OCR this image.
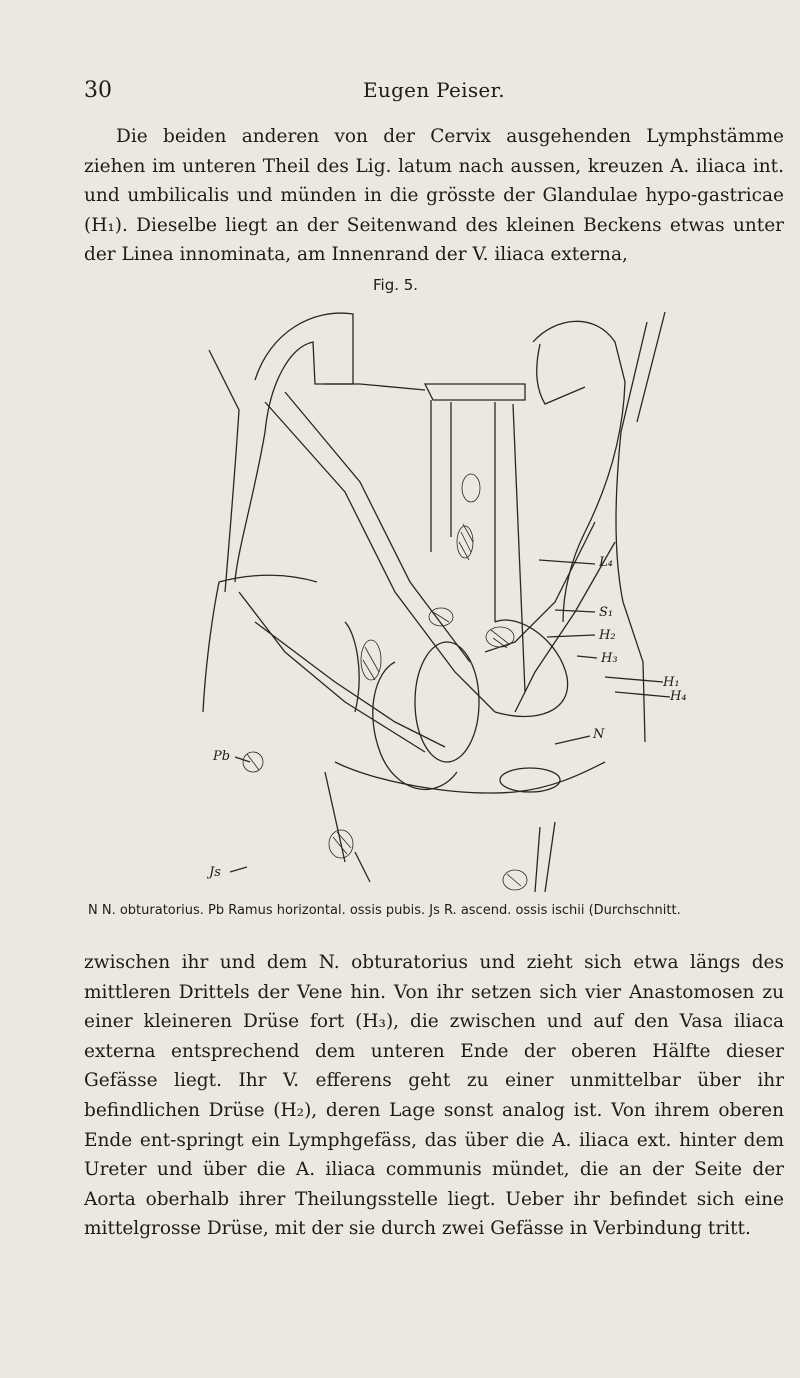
30	Eugen Peiser.

Die beiden anderen von der Cervix ausgehenden Lymphstämme ziehen im unteren Theil des Lig. latum nach aussen, kreuzen A. iliaca int. und umbilicalis und münden in die grösste der Glandulae hypo-gastricae (H₁). Dieselbe liegt an der Seitenwand des kleinen Beckens etwas unter der Linea innominata, am Innenrand der V. iliaca externa,

Fig. 5.
L₄
S₁
H₂
H₃
H₁
H₄
N
Pb
Js
N N. obturatorius. Pb Ramus horizontal. ossis pubis. Js R. ascend. ossis ischii (Durchschnitt.

zwischen ihr und dem N. obturatorius und zieht sich etwa längs des mittleren Drittels der Vene hin. Von ihr setzen sich vier Anastomosen zu einer kleineren Drüse fort (H₃), die zwischen und auf den Vasa iliaca externa entsprechend dem unteren Ende der oberen Hälfte dieser Gefässe liegt. Ihr V. efferens geht zu einer unmittelbar über ihr befindlichen Drüse (H₂), deren Lage sonst analog ist. Von ihrem oberen Ende ent-springt ein Lymphgefäss, das über die A. iliaca ext. hinter dem Ureter und über die A. iliaca communis mündet, die an der Seite der Aorta oberhalb ihrer Theilungsstelle liegt. Ueber ihr befindet sich eine mittelgrosse Drüse, mit der sie durch zwei Gefässe in Verbindung tritt.
